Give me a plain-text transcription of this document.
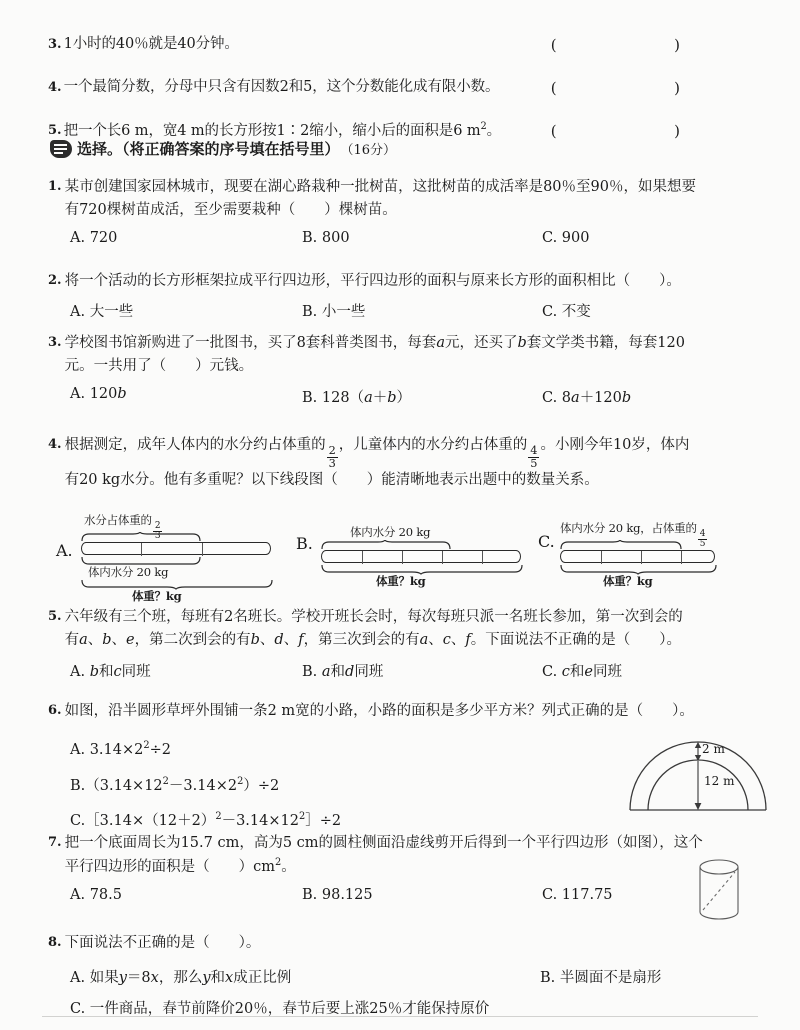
3. 1小时的40％就是40分钟。	(  )
4. 一个最简分数，分母中只含有因数2和5，这个分数能化成有限小数。	(  )
5. 把一个长6 m，宽4 m的长方形按1∶2缩小，缩小后的面积是6 $m^2$。	(  )
选择。（将正确答案的序号填在括号里） （16分）
1. 某市创建国家园林城市，现要在湖心路栽种一批树苗，这批树苗的成活率是80％至90％，如果想要
有720棵树苗成活，至少需要栽种（　　）棵树苗。
A. 720	B. 800	C. 900
2. 将一个活动的长方形框架拉成平行四边形，平行四边形的面积与原来长方形的面积相比（　　）。
A. 大一些	B. 小一些	C. 不变
3. 学校图书馆新购进了一批图书，买了8套科普类图书，每套a元，还买了b套文学类书籍，每套120
元。一共用了（　　）元钱。
A. 120b	B. 128（a＋b）	C. 8a＋120b
4. 根据测定，成年人体内的水分约占体重的
$\frac{2}{3}$
，儿童体内的水分约占体重的
$\frac{4}{5}$
。小刚今年10岁，体内
有20 kg水分。他有多重呢？以下线段图（　　）能清晰地表示出题中的数量关系。
A.
水分占体重的
$\frac{2}{3}$
体内水分 20 kg
体重？kg
B.
体内水分 20 kg
体重？kg
C.
体内水分 20 kg，占体重的
$\frac{4}{5}$
体重？kg
5. 六年级有三个班，每班有2名班长。学校开班长会时，每次每班只派一名班长参加，第一次到会的
有a、b、e，第二次到会的有b、d、f，第三次到会的有a、c、f。下面说法不正确的是（　　）。
A. b和c同班	B. a和d同班	C. c和e同班
6. 如图，沿半圆形草坪外围铺一条2 m宽的小路，小路的面积是多少平方米？列式正确的是（　　）。
A. $3.14\times 2^2\div 2$
$B.(3.14\times 12^2-3.14\times 2^2)\div 2$
$C.[3.14\times(12+2)^2-3.14\times 12^2]\div 2$
2 m
12 m
7. 把一个底面周长为15.7 cm，高为5 cm的圆柱侧面沿虚线剪开后得到一个平行四边形（如图），这个
平行四边形的面积是（　　）$cm^2$。
A. 78.5	B. 98.125	C. 117.75
8. 下面说法不正确的是（　　）。
A. 如果y＝8x，那么y和x成正比例	B. 半圆面不是扇形
C. 一件商品，春节前降价20％，春节后要上涨25％才能保持原价
